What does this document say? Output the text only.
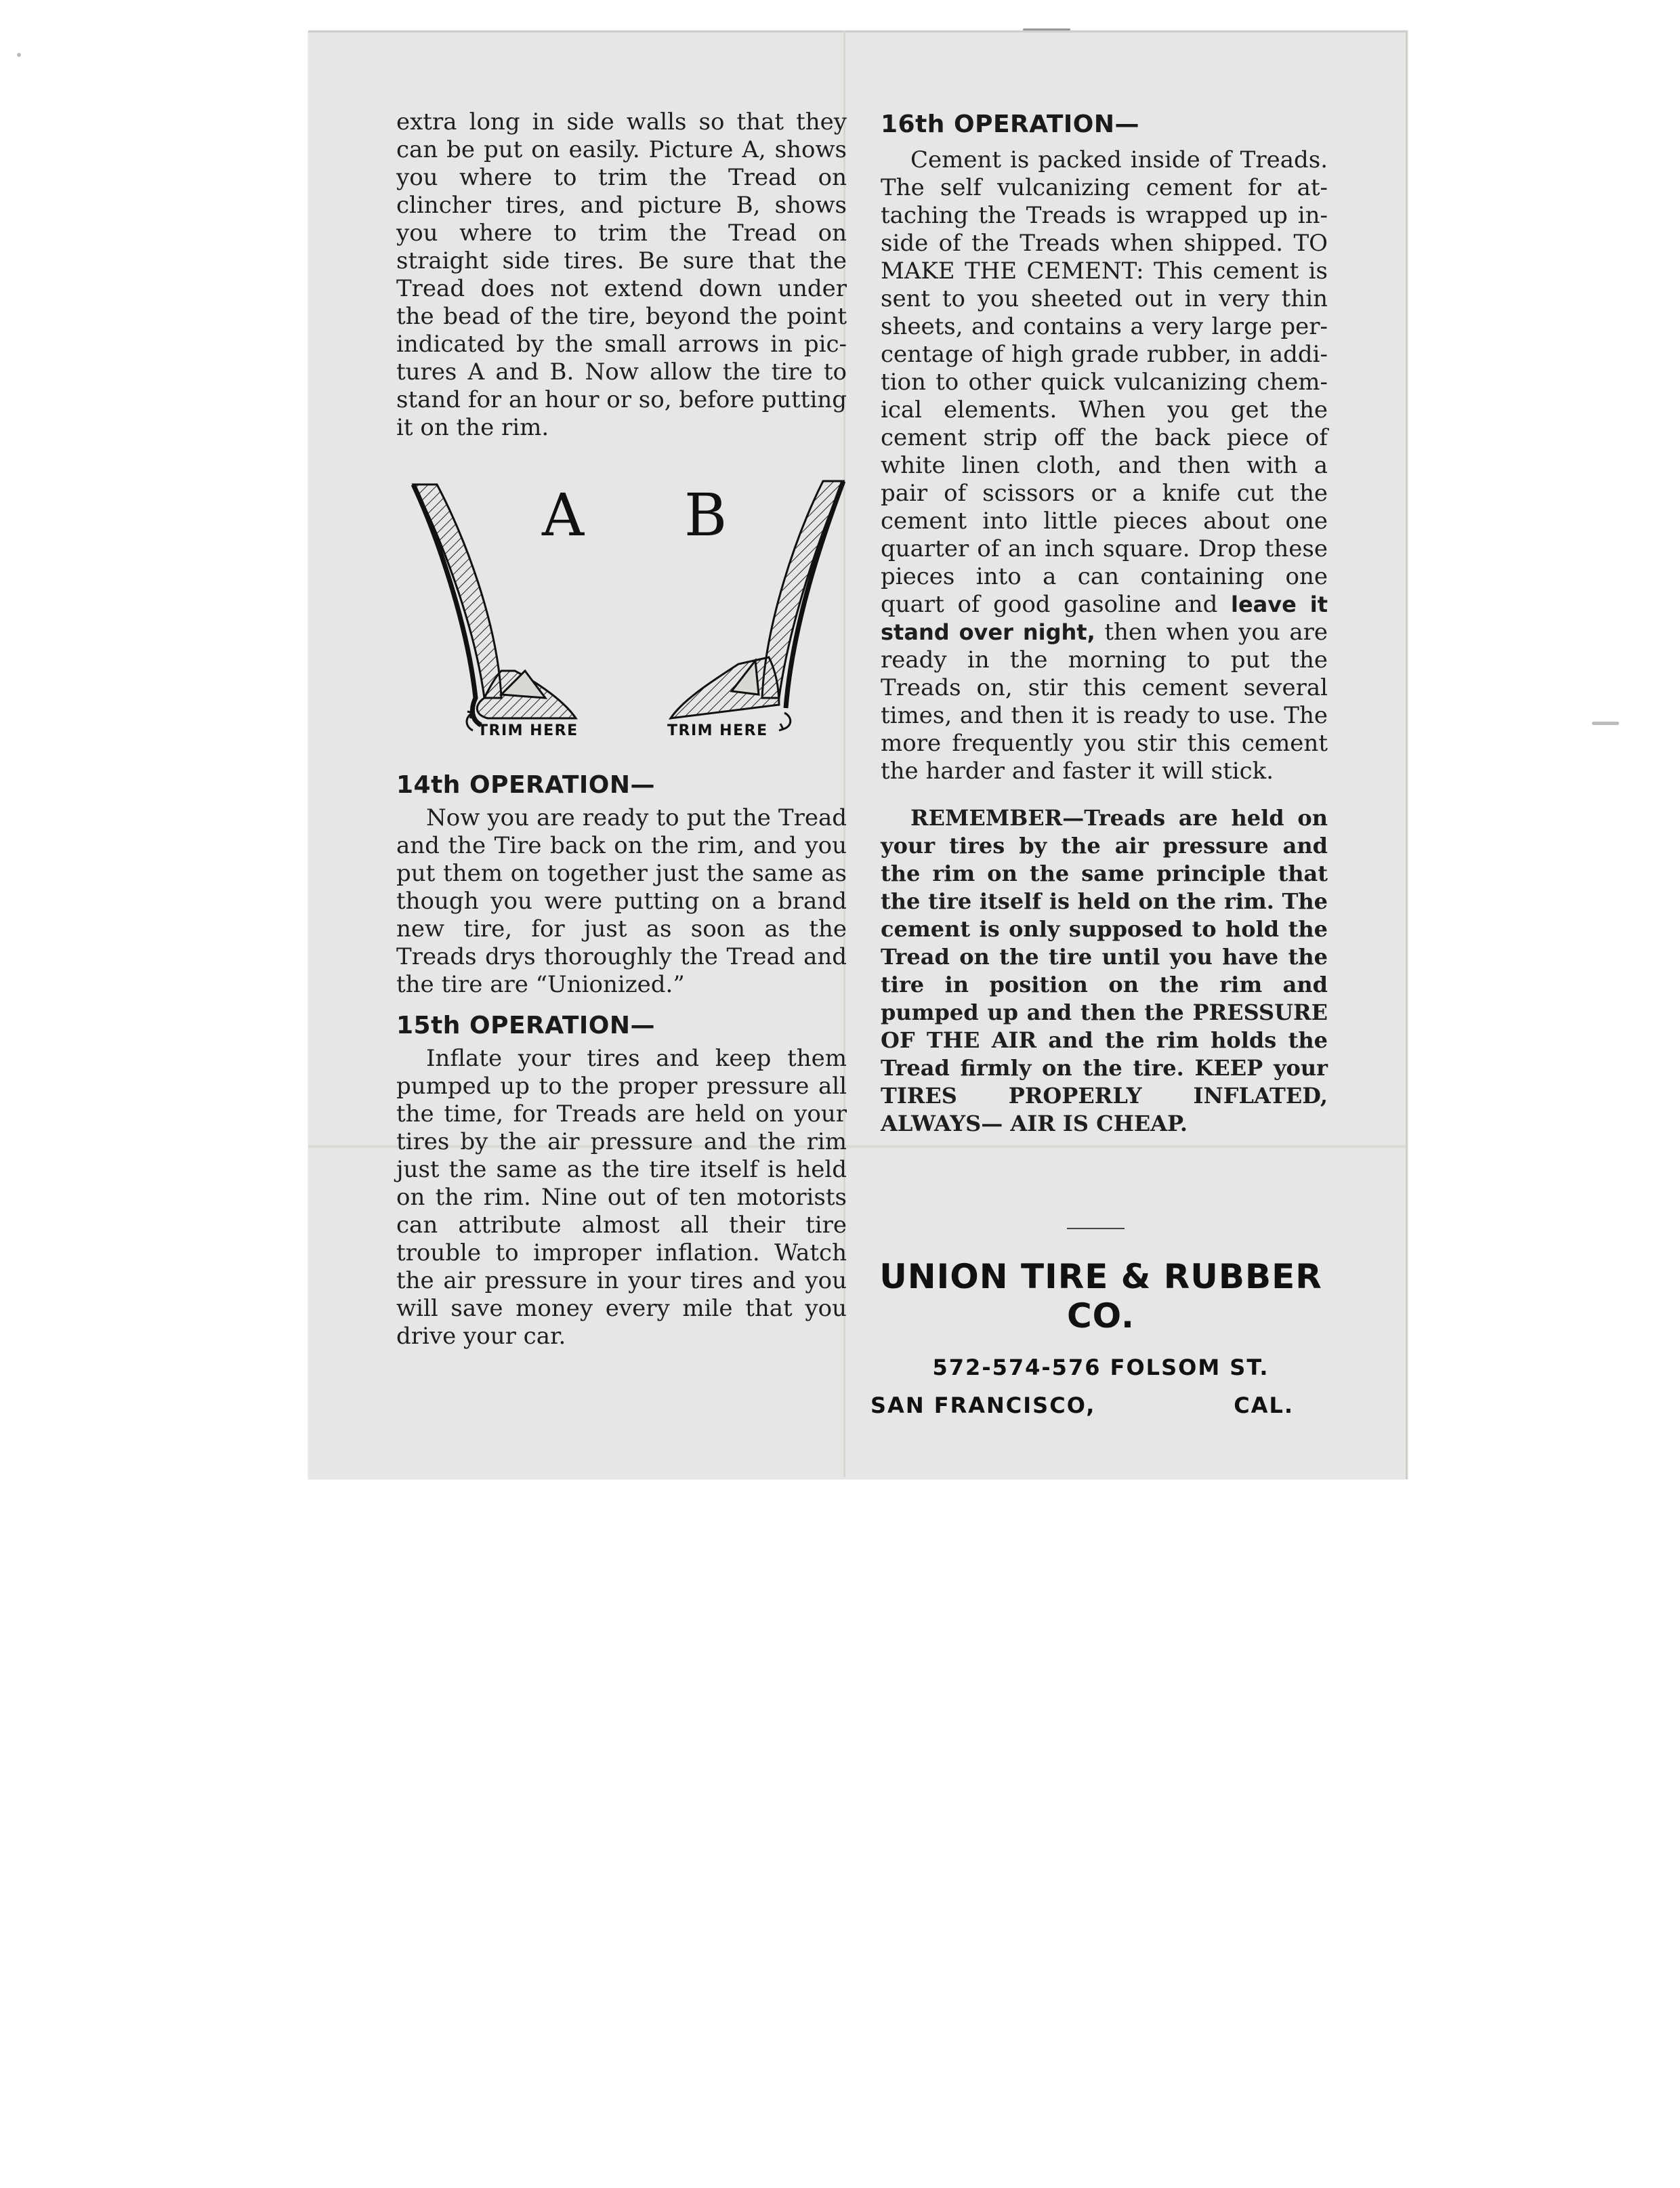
extra long in side walls so that they can be put on easily. Picture A, shows you where to trim the Tread on clincher tires, and picture B, shows you where to trim the Tread on straight side tires. Be sure that the Tread does not extend down under the bead of the tire, beyond the point indicated by the small arrows in pic-tures A and B. Now allow the tire to stand for an hour or so, before putting it on the rim.

A B
TRIM HERE	TRIM HERE
14th OPERATION—

Now you are ready to put the Tread and the Tire back on the rim, and you put them on together just the same as though you were putting on a brand new tire, for just as soon as the Treads drys thoroughly the Tread and the tire are “Unionized.”

15th OPERATION—

Inflate your tires and keep them pumped up to the proper pressure all the time, for Treads are held on your tires by the air pressure and the rim just the same as the tire itself is held on the rim. Nine out of ten motorists can attribute almost all their tire trouble to improper inflation. Watch the air pressure in your tires and you will save money every mile that you drive your car.

16th OPERATION—

Cement is packed inside of Treads. The self vulcanizing cement for at-taching the Treads is wrapped up in-side of the Treads when shipped. TO MAKE THE CEMENT: This cement is sent to you sheeted out in very thin sheets, and contains a very large per-centage of high grade rubber, in addi-tion to other quick vulcanizing chem-ical elements. When you get the cement strip off the back piece of white linen cloth, and then with a pair of scissors or a knife cut the cement into little pieces about one quarter of an inch square. Drop these pieces into a can containing one quart of good gasoline and leave it stand over night, then when you are ready in the morning to put the Treads on, stir this cement several times, and then it is ready to use. The more frequently you stir this cement the harder and faster it will stick.

REMEMBER—Treads are held on your tires by the air pressure and the rim on the same principle that the tire itself is held on the rim. The cement is only supposed to hold the Tread on the tire until you have the tire in position on the rim and pumped up and then the PRESSURE OF THE AIR and the rim holds the Tread firmly on the tire. KEEP your TIRES PROPERLY INFLATED, ALWAYS— AIR IS CHEAP.

UNION TIRE & RUBBER CO.

572-574-576 FOLSOM ST.
SAN FRANCISCO,	CAL.
